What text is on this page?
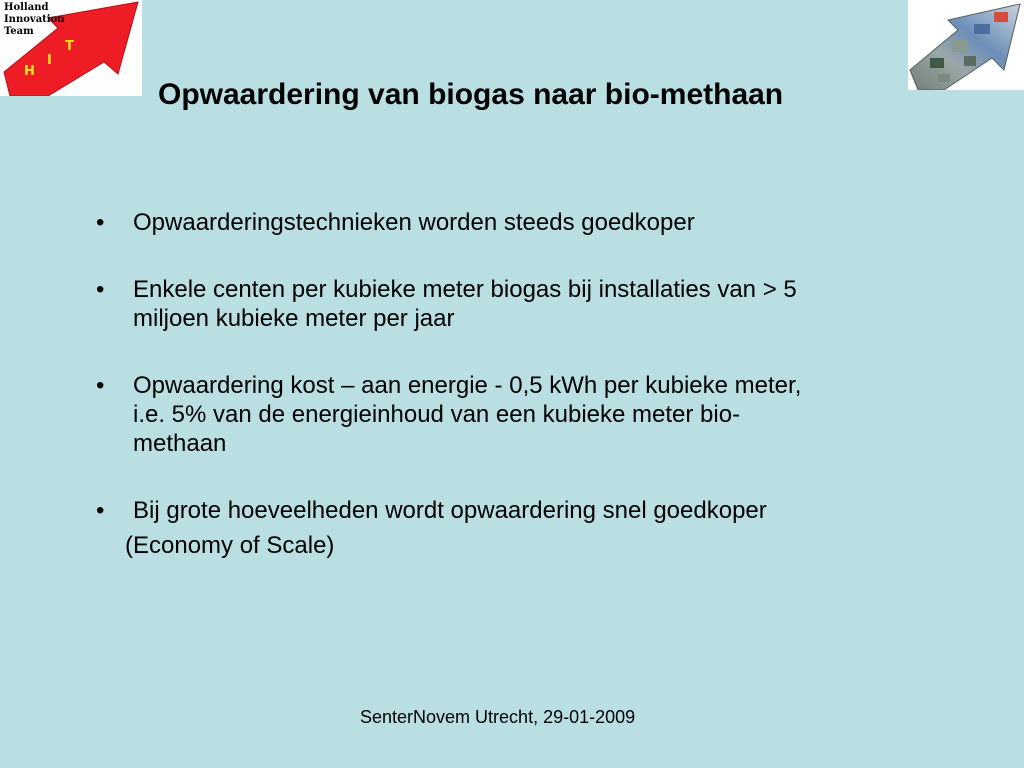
Holland
Innovation
Team
H
I
T
Opwaardering van biogas naar bio-methaan
• Opwaarderingstechnieken worden steeds goedkoper
• Enkele centen per kubieke meter biogas bij installaties van > 5
miljoen kubieke meter per jaar
• Opwaardering kost – aan energie - 0,5 kWh per kubieke meter,
i.e. 5% van de energieinhoud van een kubieke meter bio-
methaan
• Bij grote hoeveelheden wordt opwaardering snel goedkoper
(Economy of Scale)
SenterNovem Utrecht, 29-01-2009
